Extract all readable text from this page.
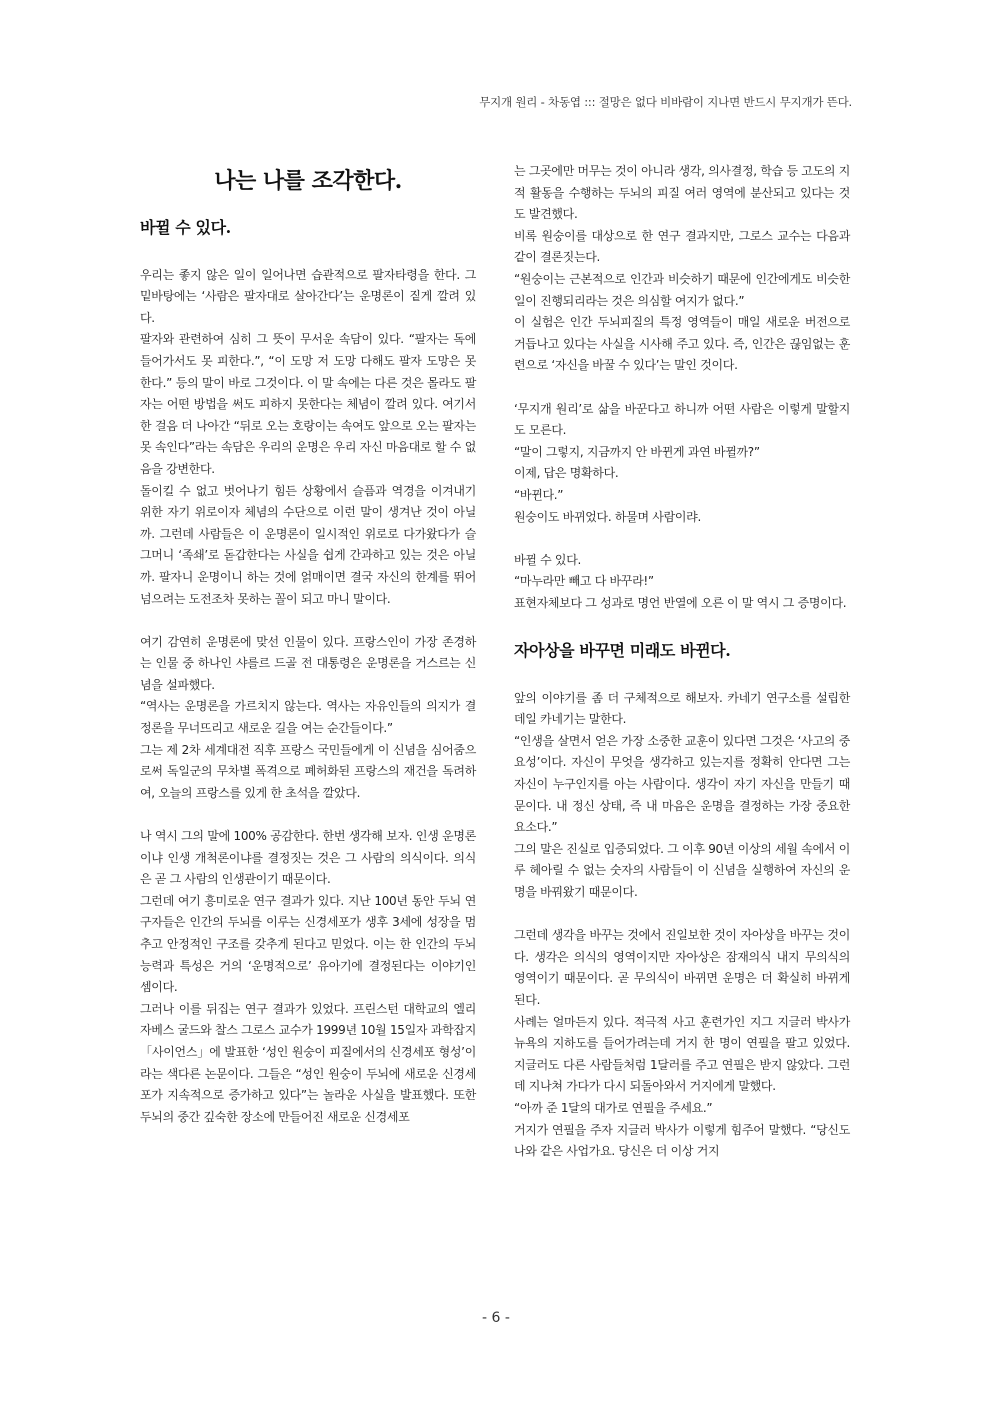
무지개 원리 - 차동엽 ::: 절망은 없다 비바람이 지나면 반드시 무지개가 뜬다.
나는 나를 조각한다.
바뀔 수 있다.

우리는 좋지 않은 일이 일어나면 습관적으로 팔자타령을 한다. 그 밑바탕에는 ‘사람은 팔자대로 살아간다’는 운명론이 짙게 깔려 있다.

팔자와 관련하여 심히 그 뜻이 무서운 속담이 있다. “팔자는 독에 들어가서도 못 피한다.”, “이 도망 저 도망 다해도 팔자 도망은 못한다.” 등의 말이 바로 그것이다. 이 말 속에는 다른 것은 몰라도 팔자는 어떤 방법을 써도 피하지 못한다는 체념이 깔려 있다. 여기서 한 걸음 더 나아간 “뒤로 오는 호랑이는 속여도 앞으로 오는 팔자는 못 속인다”라는 속담은 우리의 운명은 우리 자신 마음대로 할 수 없음을 강변한다.

돌이킬 수 없고 벗어나기 힘든 상황에서 슬픔과 역경을 이겨내기 위한 자기 위로이자 체념의 수단으로 이런 말이 생겨난 것이 아닐까. 그런데 사람들은 이 운명론이 일시적인 위로로 다가왔다가 슬그머니 ‘족쇄’로 돋갑한다는 사실을 쉽게 간과하고 있는 것은 아닐까. 팔자니 운명이니 하는 것에 얽매이면 결국 자신의 한계를 뛰어넘으려는 도전조차 못하는 꼴이 되고 마니 말이다.

여기 감연히 운명론에 맞선 인물이 있다. 프랑스인이 가장 존경하는 인물 중 하나인 샤를르 드골 전 대통령은 운명론을 거스르는 신념을 설파했다.

“역사는 운명론을 가르치지 않는다. 역사는 자유인들의 의지가 결정론을 무너뜨리고 새로운 길을 여는 순간들이다.”

그는 제 2차 세계대전 직후 프랑스 국민들에게 이 신념을 심어줌으로써 독일군의 무차별 폭격으로 폐허화된 프랑스의 재건을 독려하여, 오늘의 프랑스를 있게 한 초석을 깔았다.

나 역시 그의 말에 100% 공감한다. 한번 생각해 보자. 인생 운명론이냐 인생 개척론이냐를 결정짓는 것은 그 사람의 의식이다. 의식은 곧 그 사람의 인생관이기 때문이다.

그런데 여기 흥미로운 연구 결과가 있다. 지난 100년 동안 두뇌 연구자들은 인간의 두뇌를 이루는 신경세포가 생후 3세에 성장을 멈추고 안정적인 구조를 갖추게 된다고 믿었다. 이는 한 인간의 두뇌 능력과 특성은 거의 ‘운명적으로’ 유아기에 결정된다는 이야기인 셈이다.

그러나 이를 뒤집는 연구 결과가 있었다. 프린스턴 대학교의 엘리자베스 굴드와 찰스 그로스 교수가 1999년 10월 15일자 과학잡지 「사이언스」에 발표한 ‘성인 원숭이 피질에서의 신경세포 형성’이라는 색다른 논문이다. 그들은 “성인 원숭이 두뇌에 새로운 신경세포가 지속적으로 증가하고 있다”는 놀라운 사실을 발표했다. 또한 두뇌의 중간 깊숙한 장소에 만들어진 새로운 신경세포

는 그곳에만 머무는 것이 아니라 생각, 의사결정, 학습 등 고도의 지적 활동을 수행하는 두뇌의 피질 여러 영역에 분산되고 있다는 것도 발견했다.

비록 원숭이를 대상으로 한 연구 결과지만, 그로스 교수는 다음과 같이 결론짓는다.

“원숭이는 근본적으로 인간과 비슷하기 때문에 인간에게도 비슷한 일이 진행되리라는 것은 의심할 여지가 없다.”

이 실험은 인간 두뇌피질의 특정 영역들이 매일 새로운 버전으로 거듭나고 있다는 사실을 시사해 주고 있다. 즉, 인간은 끊임없는 훈련으로 ‘자신을 바꿀 수 있다’는 말인 것이다.

‘무지개 원리’로 삶을 바꾼다고 하니까 어떤 사람은 이렇게 말할지도 모른다.

“말이 그렇지, 지금까지 안 바뀐게 과연 바뀔까?”

이제, 답은 명확하다.

“바뀐다.”

원숭이도 바뀌었다. 하물며 사람이랴.

바뀔 수 있다.

“마누라만 빼고 다 바꾸라!”

표현자체보다 그 성과로 명언 반열에 오른 이 말 역시 그 증명이다.

자아상을 바꾸면 미래도 바뀐다.

앞의 이야기를 좀 더 구체적으로 해보자. 카네기 연구소를 설립한 데일 카네기는 말한다.

“인생을 살면서 얻은 가장 소중한 교훈이 있다면 그것은 ‘사고의 중요성’이다. 자신이 무엇을 생각하고 있는지를 정확히 안다면 그는 자신이 누구인지를 아는 사람이다. 생각이 자기 자신을 만들기 때문이다. 내 정신 상태, 즉 내 마음은 운명을 결정하는 가장 중요한 요소다.”

그의 말은 진실로 입증되었다. 그 이후 90년 이상의 세월 속에서 이루 헤아릴 수 없는 숫자의 사람들이 이 신념을 실행하여 자신의 운명을 바꿔왔기 때문이다.

그런데 생각을 바꾸는 것에서 진일보한 것이 자아상을 바꾸는 것이다. 생각은 의식의 영역이지만 자아상은 잠재의식 내지 무의식의 영역이기 때문이다. 곧 무의식이 바뀌면 운명은 더 확실히 바뀌게 된다.

사례는 얼마든지 있다. 적극적 사고 훈련가인 지그 지글러 박사가 뉴욕의 지하도를 들어가려는데 거지 한 명이 연필을 팔고 있었다. 지글러도 다른 사람들처럼 1달러를 주고 연필은 받지 않았다. 그런데 지나쳐 가다가 다시 되돌아와서 거지에게 말했다.

“아까 준 1달의 대가로 연필을 주세요.”

거지가 연필을 주자 지글러 박사가 이렇게 힘주어 말했다. “당신도 나와 같은 사업가요. 당신은 더 이상 거지

- 6 -
